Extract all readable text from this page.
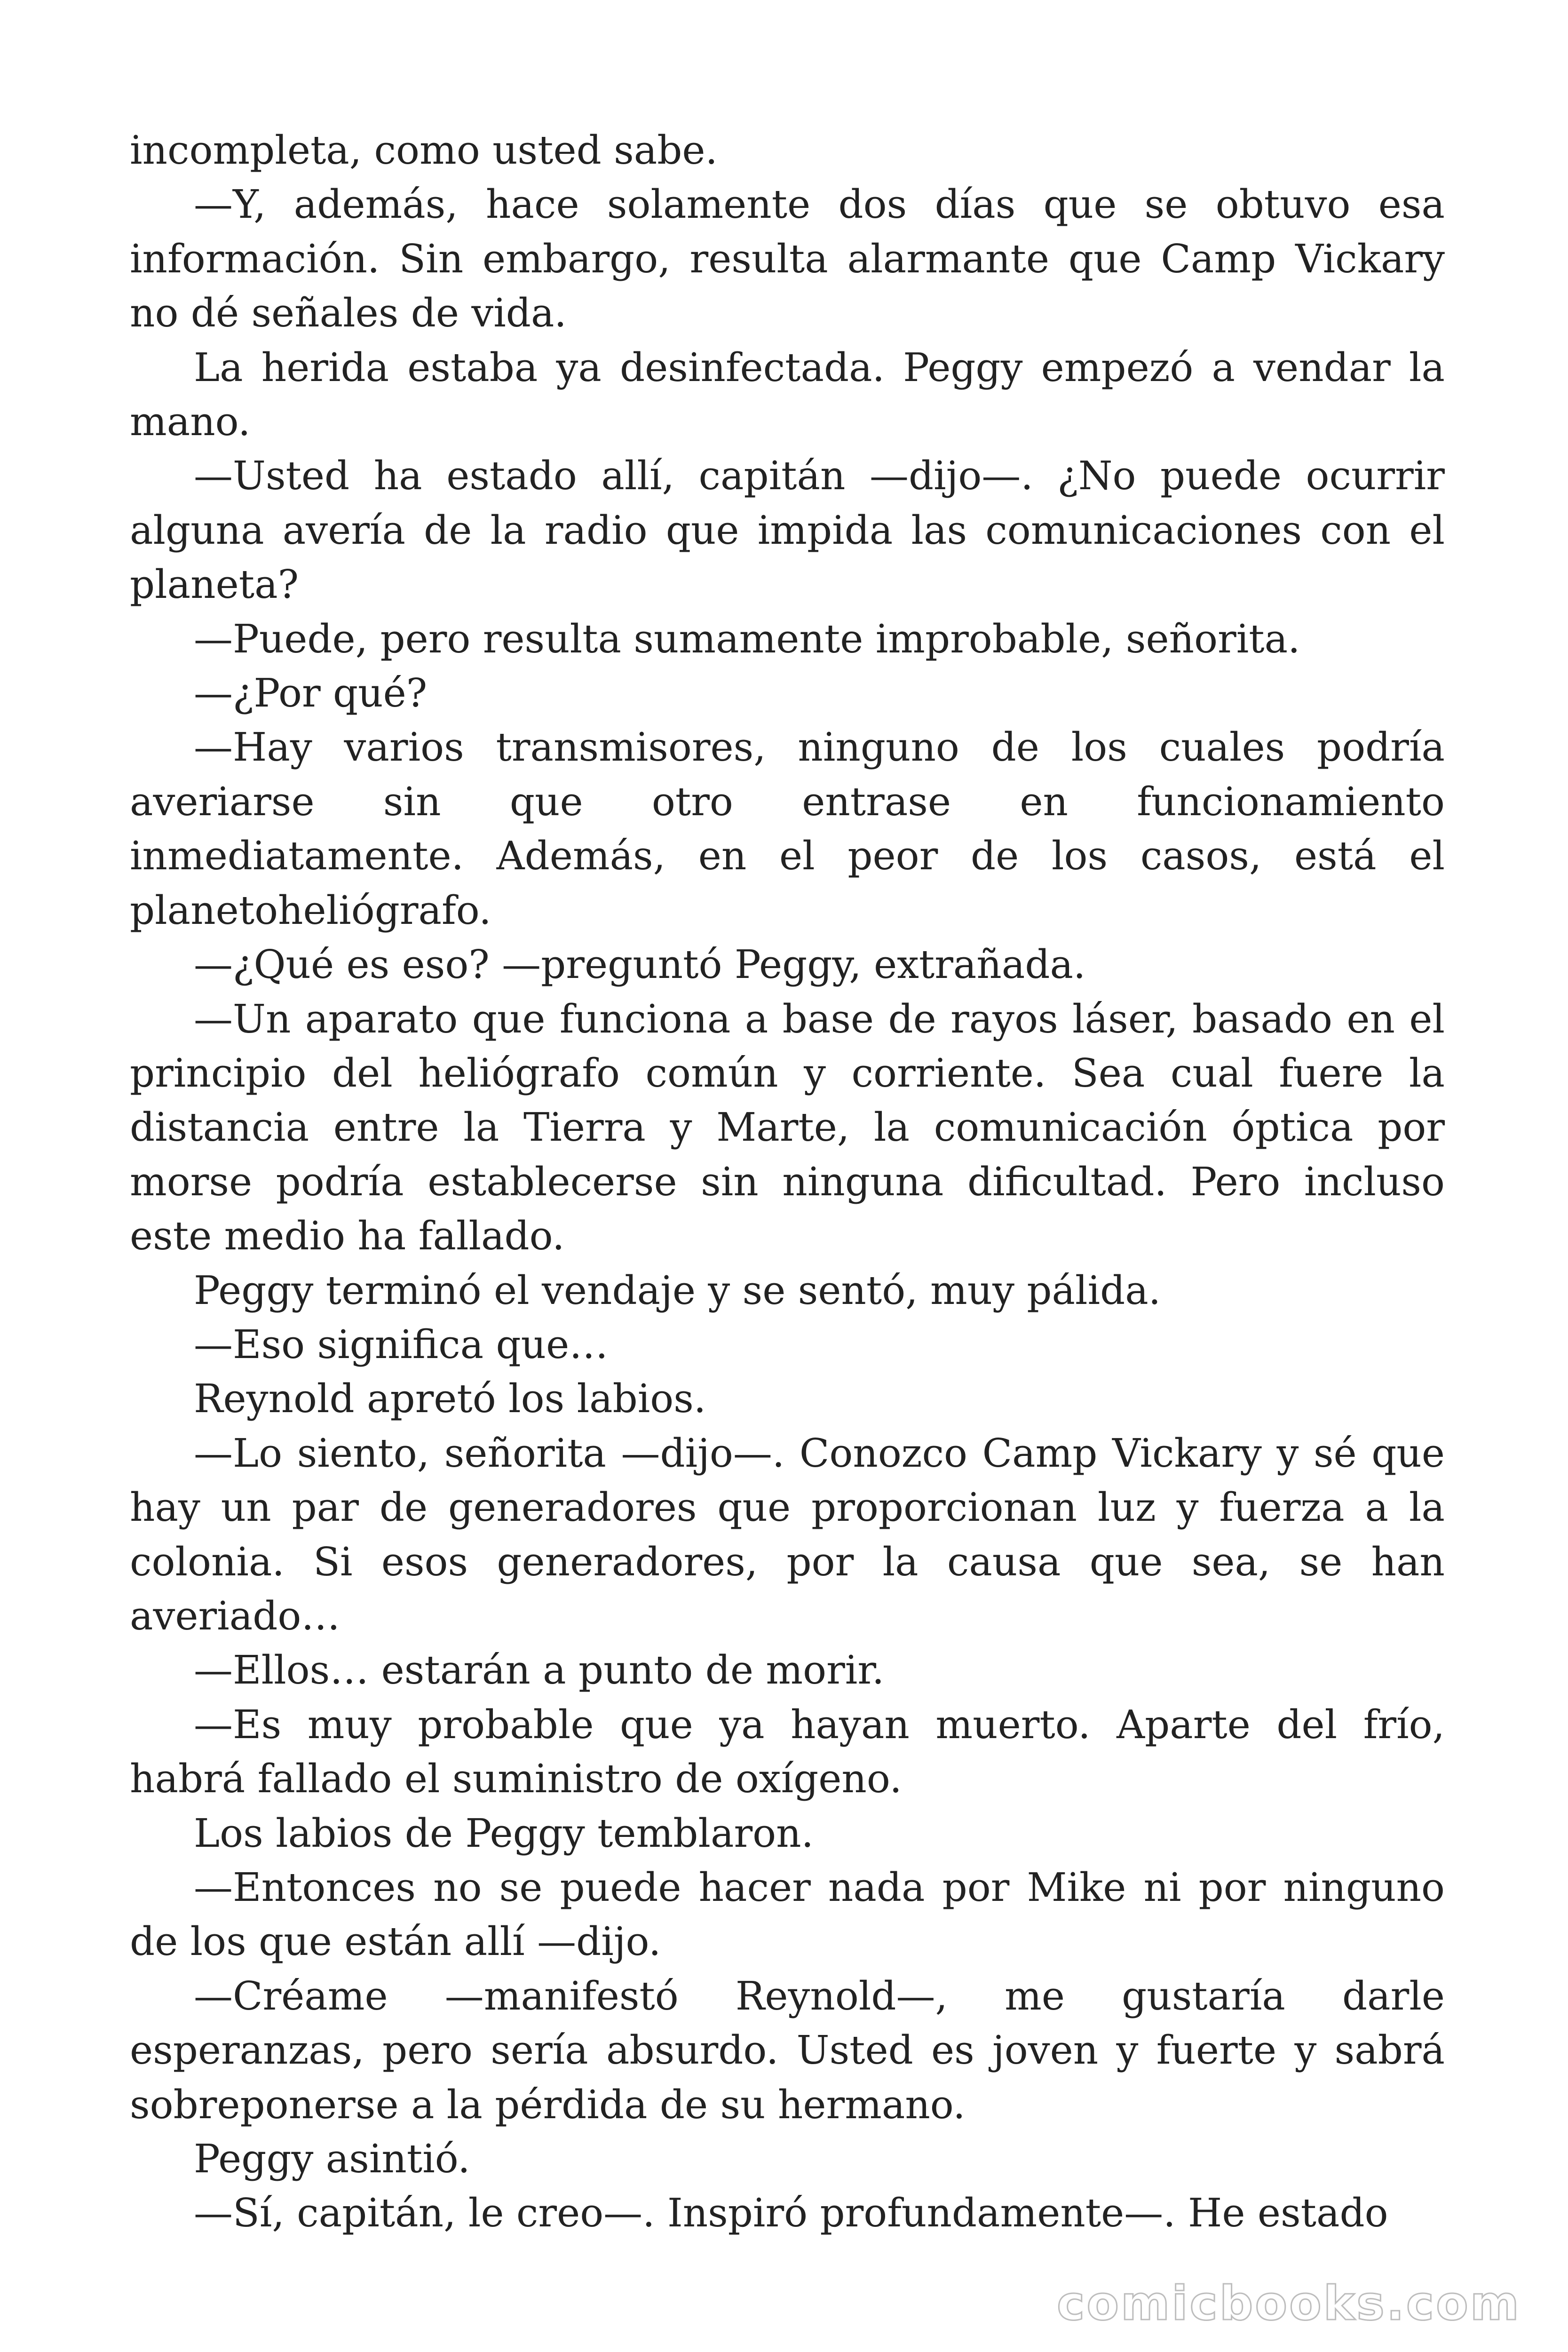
incompleta, como usted sabe.

—Y, además, hace solamente dos días que se obtuvo esa información. Sin embargo, resulta alarmante que Camp Vickary no dé señales de vida.

La herida estaba ya desinfectada. Peggy empezó a vendar la mano.

—Usted ha estado allí, capitán —dijo—. ¿No puede ocurrir alguna avería de la radio que impida las comunicaciones con el planeta?

—Puede, pero resulta sumamente improbable, señorita.

—¿Por qué?

—Hay varios transmisores, ninguno de los cuales podría averiarse sin que otro entrase en funcionamiento inmediatamente. Además, en el peor de los casos, está el planetoheliógrafo.

—¿Qué es eso? —preguntó Peggy, extrañada.

—Un aparato que funciona a base de rayos láser, basado en el principio del heliógrafo común y corriente. Sea cual fuere la distancia entre la Tierra y Marte, la comunicación óptica por morse podría establecerse sin ninguna dificultad. Pero incluso este medio ha fallado.

Peggy terminó el vendaje y se sentó, muy pálida.

—Eso significa que…

Reynold apretó los labios.

—Lo siento, señorita —dijo—. Conozco Camp Vickary y sé que hay un par de generadores que proporcionan luz y fuerza a la colonia. Si esos generadores, por la causa que sea, se han averiado…

—Ellos… estarán a punto de morir.

—Es muy probable que ya hayan muerto. Aparte del frío, habrá fallado el suministro de oxígeno.

Los labios de Peggy temblaron.

—Entonces no se puede hacer nada por Mike ni por ninguno de los que están allí —dijo.

—Créame —manifestó Reynold—, me gustaría darle esperanzas, pero sería absurdo. Usted es joven y fuerte y sabrá sobreponerse a la pérdida de su hermano.

Peggy asintió.

—Sí, capitán, le creo—. Inspiró profundamente—. He estado

comicbooks.com
